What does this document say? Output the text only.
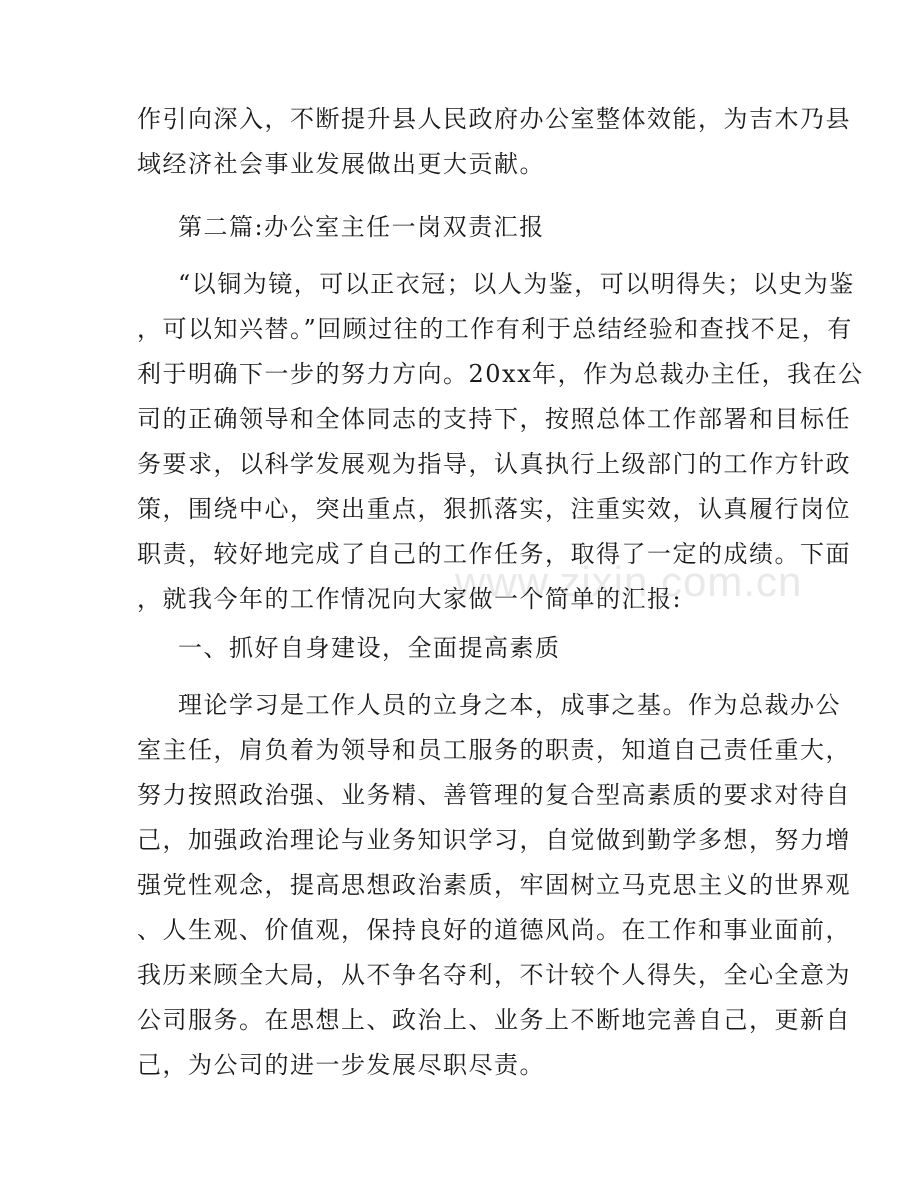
www.zixin.com.cn
作引向深入，不断提升县人民政府办公室整体效能，为吉木乃县
域经济社会事业发展做出更大贡献。
第二篇:办公室主任一岗双责汇报
“以铜为镜，可以正衣冠；以人为鉴，可以明得失；以史为鉴
，可以知兴替。”回顾过往的工作有利于总结经验和查找不足，有
利于明确下一步的努力方向。20xx年，作为总裁办主任，我在公
司的正确领导和全体同志的支持下，按照总体工作部署和目标任
务要求，以科学发展观为指导，认真执行上级部门的工作方针政
策，围绕中心，突出重点，狠抓落实，注重实效，认真履行岗位
职责，较好地完成了自己的工作任务，取得了一定的成绩。下面
，就我今年的工作情况向大家做一个简单的汇报:
一、抓好自身建设，全面提高素质
理论学习是工作人员的立身之本，成事之基。作为总裁办公
室主任，肩负着为领导和员工服务的职责，知道自己责任重大，
努力按照政治强、业务精、善管理的复合型高素质的要求对待自
己，加强政治理论与业务知识学习，自觉做到勤学多想，努力增
强党性观念，提高思想政治素质，牢固树立马克思主义的世界观
、人生观、价值观，保持良好的道德风尚。在工作和事业面前，
我历来顾全大局，从不争名夺利，不计较个人得失，全心全意为
公司服务。在思想上、政治上、业务上不断地完善自己，更新自
己，为公司的进一步发展尽职尽责。
